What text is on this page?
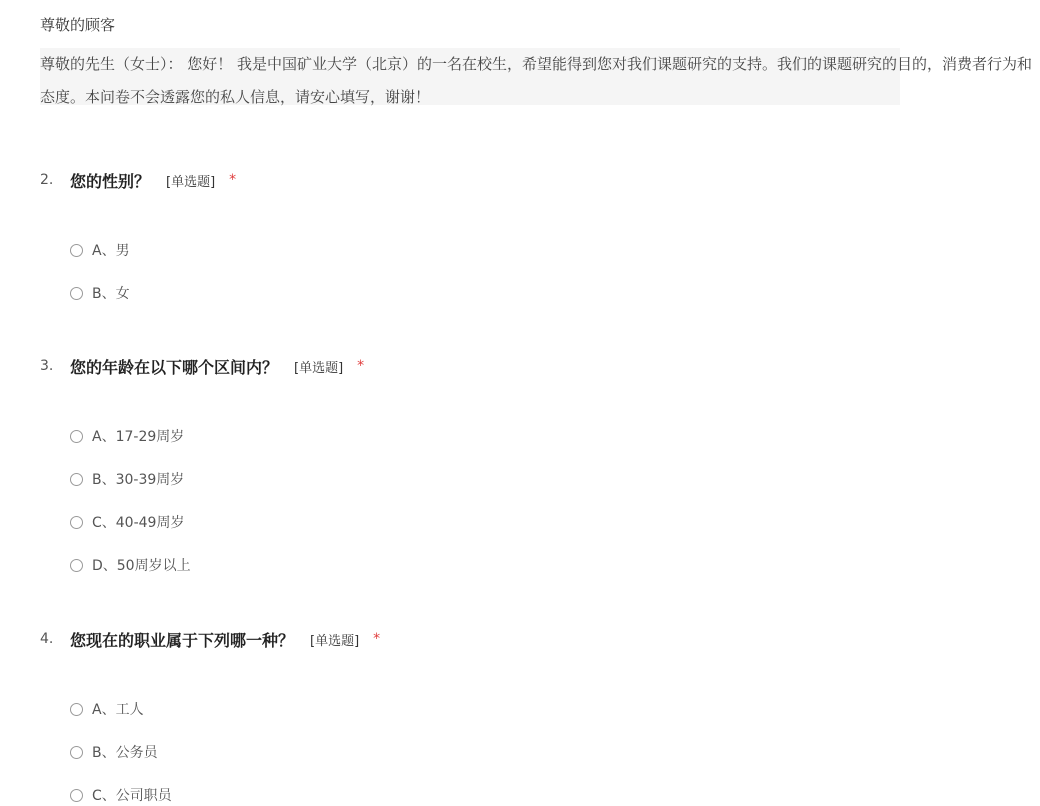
尊敬的顾客

尊敬的先生（女士）： 您好！ 我是中国矿业大学（北京）的一名在校生，希望能得到您对我们课题研究的支持。我们的课题研究的目的，消费者行为和态度。本问卷不会透露您的私人信息，请安心填写，谢谢！

2.	您的性别？ [单选题] *
A、男
B、女
3.	您的年龄在以下哪个区间内？ [单选题] *
A、17-29周岁
B、30-39周岁
C、40-49周岁
D、50周岁以上
4.	您现在的职业属于下列哪一种？ [单选题] *
A、工人
B、公务员
C、公司职员
